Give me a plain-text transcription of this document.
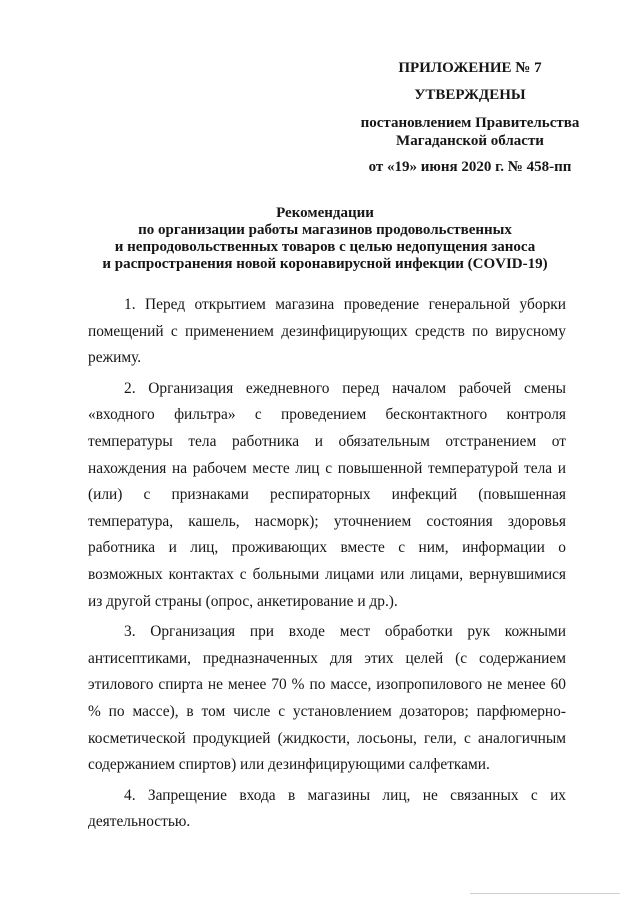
ПРИЛОЖЕНИЕ № 7
УТВЕРЖДЕНЫ
постановлением Правительства
Магаданской области
от «19» июня 2020 г. № 458-пп
Рекомендации
по организации работы магазинов продовольственных
и непродовольственных товаров с целью недопущения заноса
и распространения новой коронавирусной инфекции (COVID-19)

1. Перед открытием магазина проведение генеральной уборки помещений с применением дезинфицирующих средств по вирусному режиму.

2. Организация ежедневного перед началом рабочей смены «входного фильтра» с проведением бесконтактного контроля температуры тела работника и обязательным отстранением от нахождения на рабочем месте лиц с повышенной температурой тела и (или) с признаками респираторных инфекций (повышенная температура, кашель, насморк); уточнением состояния здоровья работника и лиц, проживающих вместе с ним, информации о возможных контактах с больными лицами или лицами, вернувшимися из другой страны (опрос, анкетирование и др.).

3. Организация при входе мест обработки рук кожными антисептиками, предназначенных для этих целей (с содержанием этилового спирта не менее 70 % по массе, изопропилового не менее 60 % по массе), в том числе с установлением дозаторов; парфюмерно-косметической продукцией (жидкости, лосьоны, гели, с аналогичным содержанием спиртов) или дезинфицирующими салфетками.

4. Запрещение входа в магазины лиц, не связанных с их деятельностью.
